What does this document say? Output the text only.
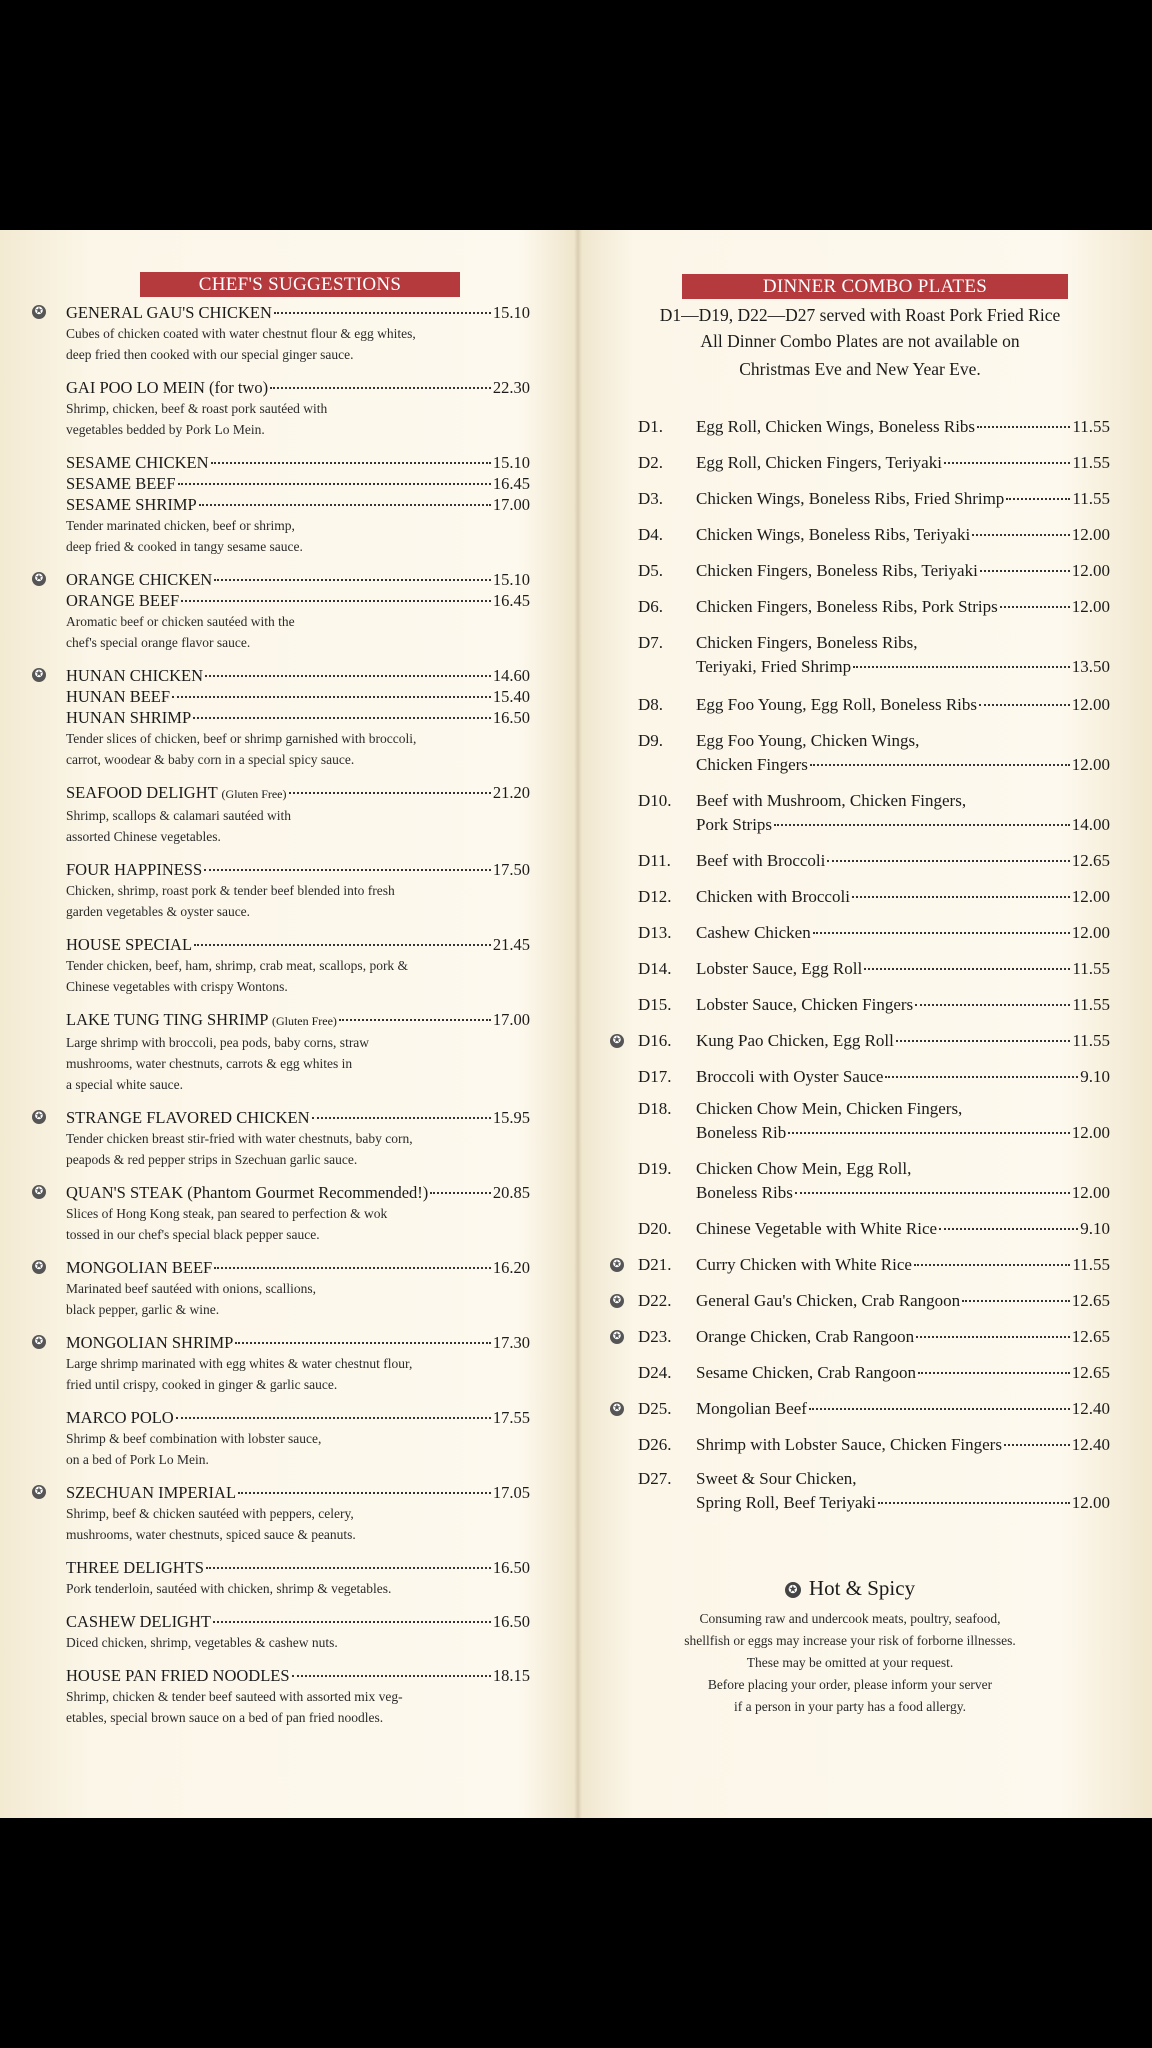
CHEF'S SUGGESTIONS
✪ GENERAL GAU'S CHICKEN	15.10
Cubes of chicken coated with water chestnut flour & egg whites,
deep fried then cooked with our special ginger sauce.
GAI POO LO MEIN (for two)	22.30
Shrimp, chicken, beef & roast pork sautéed with
vegetables bedded by Pork Lo Mein.
SESAME CHICKEN	15.10
SESAME BEEF	16.45
SESAME SHRIMP	17.00
Tender marinated chicken, beef or shrimp,
deep fried & cooked in tangy sesame sauce.
✪ ORANGE CHICKEN	15.10
ORANGE BEEF	16.45
Aromatic beef or chicken sautéed with the
chef's special orange flavor sauce.
✪ HUNAN CHICKEN	14.60
HUNAN BEEF	15.40
HUNAN SHRIMP	16.50
Tender slices of chicken, beef or shrimp garnished with broccoli,
carrot, woodear & baby corn in a special spicy sauce.
SEAFOOD DELIGHT (Gluten Free)	21.20
Shrimp, scallops & calamari sautéed with
assorted Chinese vegetables.
FOUR HAPPINESS	17.50
Chicken, shrimp, roast pork & tender beef blended into fresh
garden vegetables & oyster sauce.
HOUSE SPECIAL	21.45
Tender chicken, beef, ham, shrimp, crab meat, scallops, pork &
Chinese vegetables with crispy Wontons.
LAKE TUNG TING SHRIMP (Gluten Free)	17.00
Large shrimp with broccoli, pea pods, baby corns, straw
mushrooms, water chestnuts, carrots & egg whites in
a special white sauce.
✪ STRANGE FLAVORED CHICKEN	15.95
Tender chicken breast stir-fried with water chestnuts, baby corn,
peapods & red pepper strips in Szechuan garlic sauce.
✪ QUAN'S STEAK (Phantom Gourmet Recommended!)	20.85
Slices of Hong Kong steak, pan seared to perfection & wok
tossed in our chef's special black pepper sauce.
✪ MONGOLIAN BEEF	16.20
Marinated beef sautéed with onions, scallions,
black pepper, garlic & wine.
✪ MONGOLIAN SHRIMP	17.30
Large shrimp marinated with egg whites & water chestnut flour,
fried until crispy, cooked in ginger & garlic sauce.
MARCO POLO	17.55
Shrimp & beef combination with lobster sauce,
on a bed of Pork Lo Mein.
✪ SZECHUAN IMPERIAL	17.05
Shrimp, beef & chicken sautéed with peppers, celery,
mushrooms, water chestnuts, spiced sauce & peanuts.
THREE DELIGHTS	16.50
Pork tenderloin, sautéed with chicken, shrimp & vegetables.
CASHEW DELIGHT	16.50
Diced chicken, shrimp, vegetables & cashew nuts.
HOUSE PAN FRIED NOODLES	18.15
Shrimp, chicken & tender beef sauteed with assorted mix veg-
etables, special brown sauce on a bed of pan fried noodles.
DINNER COMBO PLATES
D1—D19, D22—D27 served with Roast Pork Fried Rice
All Dinner Combo Plates are not available on
Christmas Eve and New Year Eve.
D1. Egg Roll, Chicken Wings, Boneless Ribs	11.55
D2. Egg Roll, Chicken Fingers, Teriyaki	11.55
D3. Chicken Wings, Boneless Ribs, Fried Shrimp	11.55
D4. Chicken Wings, Boneless Ribs, Teriyaki	12.00
D5. Chicken Fingers, Boneless Ribs, Teriyaki	12.00
D6. Chicken Fingers, Boneless Ribs, Pork Strips	12.00
D7. Chicken Fingers, Boneless Ribs,
Teriyaki, Fried Shrimp	13.50
D8. Egg Foo Young, Egg Roll, Boneless Ribs	12.00
D9. Egg Foo Young, Chicken Wings,
Chicken Fingers	12.00
D10. Beef with Mushroom, Chicken Fingers,
Pork Strips	14.00
D11. Beef with Broccoli	12.65
D12. Chicken with Broccoli	12.00
D13. Cashew Chicken	12.00
D14. Lobster Sauce, Egg Roll	11.55
D15. Lobster Sauce, Chicken Fingers	11.55
✪ D16. Kung Pao Chicken, Egg Roll	11.55
D17. Broccoli with Oyster Sauce	9.10
D18. Chicken Chow Mein, Chicken Fingers,
Boneless Rib	12.00
D19. Chicken Chow Mein, Egg Roll,
Boneless Ribs	12.00
D20. Chinese Vegetable with White Rice	9.10
✪ D21. Curry Chicken with White Rice	11.55
✪ D22. General Gau's Chicken, Crab Rangoon	12.65
✪ D23. Orange Chicken, Crab Rangoon	12.65
D24. Sesame Chicken, Crab Rangoon	12.65
✪ D25. Mongolian Beef	12.40
D26. Shrimp with Lobster Sauce, Chicken Fingers	12.40
D27. Sweet & Sour Chicken,
Spring Roll, Beef Teriyaki	12.00
✪ Hot & Spicy
Consuming raw and undercook meats, poultry, seafood,
shellfish or eggs may increase your risk of forborne illnesses.
These may be omitted at your request.
Before placing your order, please inform your server
if a person in your party has a food allergy.
